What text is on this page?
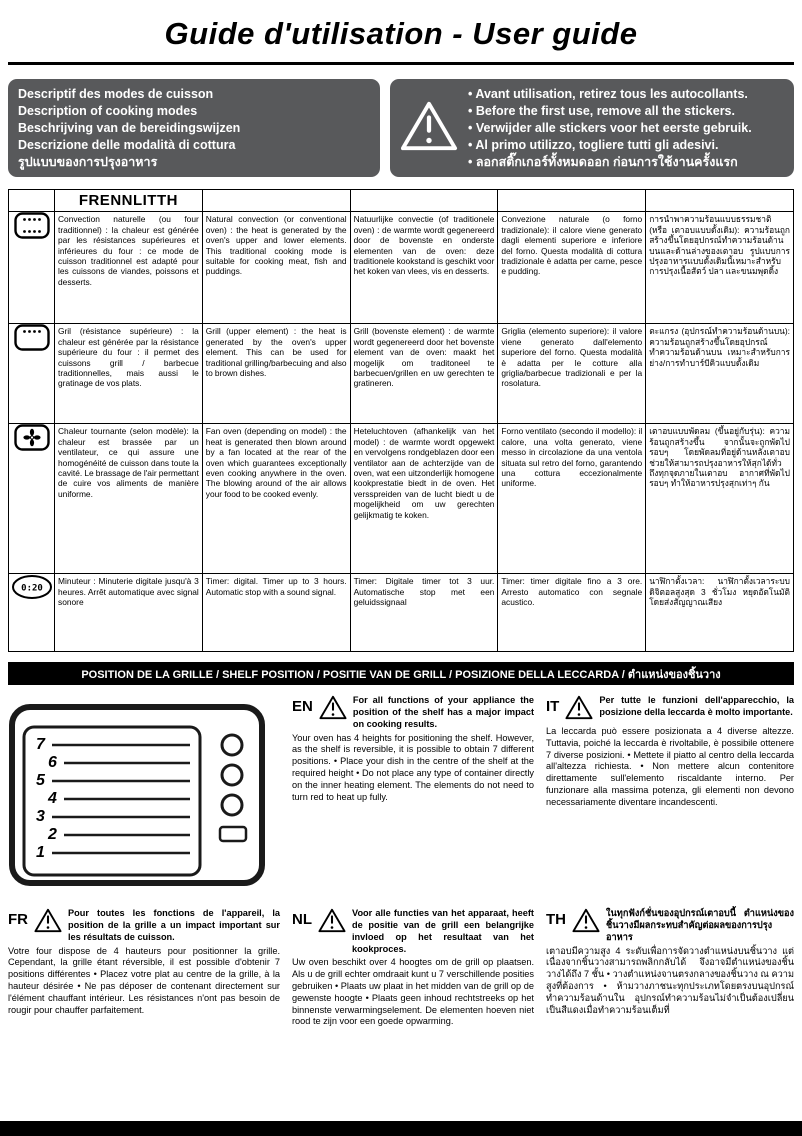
Guide d'utilisation - User guide
Descriptif des modes de cuisson
Description of cooking modes
Beschrijving van de bereidingswijzen
Descrizione delle modalità di cottura
รูปแบบของการปรุงอาหาร
• Avant utilisation, retirez tous les autocollants.
• Before the first use, remove all the stickers.
• Verwijder alle stickers voor het eerste gebruik.
• Al primo utilizzo, togliere tutti gli adesivi.
• ลอกสติ๊กเกอร์ทั้งหมดออก ก่อนการใช้งานครั้งแรก
	FRENNLITTH				
	Convection naturelle (ou four traditionnel) : la chaleur est générée par les résistances supérieures et inférieures du four : ce mode de cuisson traditionnel est adapté pour les cuissons de viandes, poissons et desserts.	Natural convection (or conventional oven) : the heat is generated by the oven's upper and lower elements. This traditional cooking mode is suitable for cooking meat, fish and puddings.	Natuurlijke convectie (of traditionele oven) : de warmte wordt gegenereerd door de bovenste en onderste elementen van de oven: deze traditionele kookstand is geschikt voor het koken van vlees, vis en desserts.	Convezione naturale (o forno tradizionale): il calore viene generato dagli elementi superiore e inferiore del forno. Questa modalità di cottura tradizionale è adatta per carne, pesce e pudding.	การนำพาความร้อนแบบธรรมชาติ (หรือ เตาอบแบบดั้งเดิม): ความร้อนถูกสร้างขึ้นโดยอุปกรณ์ทำความร้อนด้านบนและด้านล่างของเตาอบ รูปแบบการปรุงอาหารแบบดั้งเดิมนี้เหมาะสำหรับการปรุงเนื้อสัตว์ ปลา และขนมพุดดิ้ง
	Gril (résistance supérieure) : la chaleur est générée par la résistance supérieure du four : il permet des cuissons grill / barbecue traditionnelles, mais aussi le gratinage de vos plats.	Grill (upper element) : the heat is generated by the oven's upper element. This can be used for traditional grilling/barbecuing and also to brown dishes.	Grill (bovenste element) : de warmte wordt gegenereerd door het bovenste element van de oven: maakt het mogelijk om traditoneel te barbecuen/grillen en uw gerechten te gratineren.	Griglia (elemento superiore): il valore viene generato dall'elemento superiore del forno. Questa modalità è adatta per le cotture alla griglia/barbecue tradizionali e per la rosolatura.	ตะแกรง (อุปกรณ์ทำความร้อนด้านบน): ความร้อนถูกสร้างขึ้นโดยอุปกรณ์ทำความร้อนด้านบน เหมาะสำหรับการย่าง/การทำบาร์บีคิวแบบดั้งเดิม
	Chaleur tournante (selon modèle): la chaleur est brassée par un ventilateur, ce qui assure une homogénéité de cuisson dans toute la cavité. Le brassage de l'air permettant de cuire vos aliments de manière uniforme.	Fan oven (depending on model) : the heat is generated then blown around by a fan located at the rear of the oven which guarantees exceptionally even cooking anywhere in the oven. The blowing around of the air allows your food to be cooked evenly.	Heteluchtoven (afhankelijk van het model) : de warmte wordt opgewekt en vervolgens rondgeblazen door een ventilator aan de achterzijde van de oven, wat een uitzonderlijk homogene kookprestatie biedt in de oven. Het versspreiden van de lucht biedt u de mogelijkheid om uw gerechten gelijkmatig te koken.	Forno ventilato (secondo il modello): il calore, una volta generato, viene messo in circolazione da una ventola situata sul retro del forno, garantendo una cottura eccezionalmente uniforme.	เตาอบแบบพัดลม (ขึ้นอยู่กับรุ่น): ความร้อนถูกสร้างขึ้น จากนั้นจะถูกพัดไปรอบๆ โดยพัดลมที่อยู่ด้านหลังเตาอบ ช่วยให้สามารถปรุงอาหารให้สุกได้ทั่วถึงทุกจุดภายในเตาอบ อากาศที่พัดไปรอบๆ ทำให้อาหารปรุงสุกเท่าๆ กัน

0:20	Minuteur : Minuterie digitale jusqu'à 3 heures. Arrêt automatique avec signal sonore	Timer: digital. Timer up to 3 hours. Automatic stop with a sound signal.	Timer: Digitale timer tot 3 uur. Automatische stop met een geluidssignaal	Timer: timer digitale fino a 3 ore. Arresto automatico con segnale acustico.	นาฬิกาตั้งเวลา: นาฬิกาตั้งเวลาระบบดิจิตอลสูงสุด 3 ชั่วโมง หยุดอัตโนมัติโดยส่งสัญญาณเสียง
POSITION DE LA GRILLE / SHELF POSITION / POSITIE VAN DE GRILL / POSIZIONE DELLA LECCARDA / ตำแหน่งของชิ้นวาง
7
6
5
4
3
2
1
EN	For all functions of your appliance the position of the shelf has a major impact on cooking results.
Your oven has 4 heights for positioning the shelf. However, as the shelf is reversible, it is possible to obtain 7 different positions. • Place your dish in the centre of the shelf at the required height • Do not place any type of container directly on the inner heating element. The elements do not need to turn red to heat up fully.
IT	Per tutte le funzioni dell'apparecchio, la posizione della leccarda è molto importante.
La leccarda può essere posizionata a 4 diverse altezze. Tuttavia, poiché la leccarda è rivoltabile, è possibile ottenere 7 diverse posizioni. • Mettete il piatto al centro della leccarda all'altezza richiesta. • Non mettere alcun contenitore direttamente sull'elemento riscaldante interno. Per funzionare alla massima potenza, gli elementi non devono necessariamente diventare incandescenti.
FR	Pour toutes les fonctions de l'appareil, la position de la grille a un impact important sur les résultats de cuisson.
Votre four dispose de 4 hauteurs pour positionner la grille. Cependant, la grille étant réversible, il est possible d'obtenir 7 positions différentes • Placez votre plat au centre de la grille, à la hauteur désirée • Ne pas déposer de contenant directement sur l'élément chauffant intérieur. Les résistances n'ont pas besoin de rougir pour chauffer parfaitement.
NL	Voor alle functies van het apparaat, heeft de positie van de grill een belangrijke invloed op het resultaat van het kookproces.
Uw oven beschikt over 4 hoogtes om de grill op plaatsen. Als u de grill echter omdraait kunt u 7 verschillende posities gebruiken • Plaats uw plaat in het midden van de grill op de gewenste hoogte • Plaats geen inhoud rechtstreeks op het binnenste verwarmingselement. De elementen hoeven niet rood te zijn voor een goede opwarming.
TH	ในทุกฟังก์ชั่นของอุปกรณ์เตาอบนี้ ตำแหน่งของชิ้นวางมีผลกระทบสำคัญต่อผลของการปรุงอาหาร
เตาอบมีความสูง 4 ระดับเพื่อการจัดวางตำแหน่งบนชิ้นวาง แต่เนื่องจากชิ้นวางสามารถพลิกกลับได้ จึงอาจมีตำแหน่งของชิ้นวางได้ถึง 7 ชั้น • วางตำแหน่งจานตรงกลางของชิ้นวาง ณ ความสูงที่ต้องการ • ห้ามวางภาชนะทุกประเภทโดยตรงบนอุปกรณ์ทำความร้อนด้านใน อุปกรณ์ทำความร้อนไม่จำเป็นต้องเปลี่ยนเป็นสีแดงเมื่อทำความร้อนเต็มที่
